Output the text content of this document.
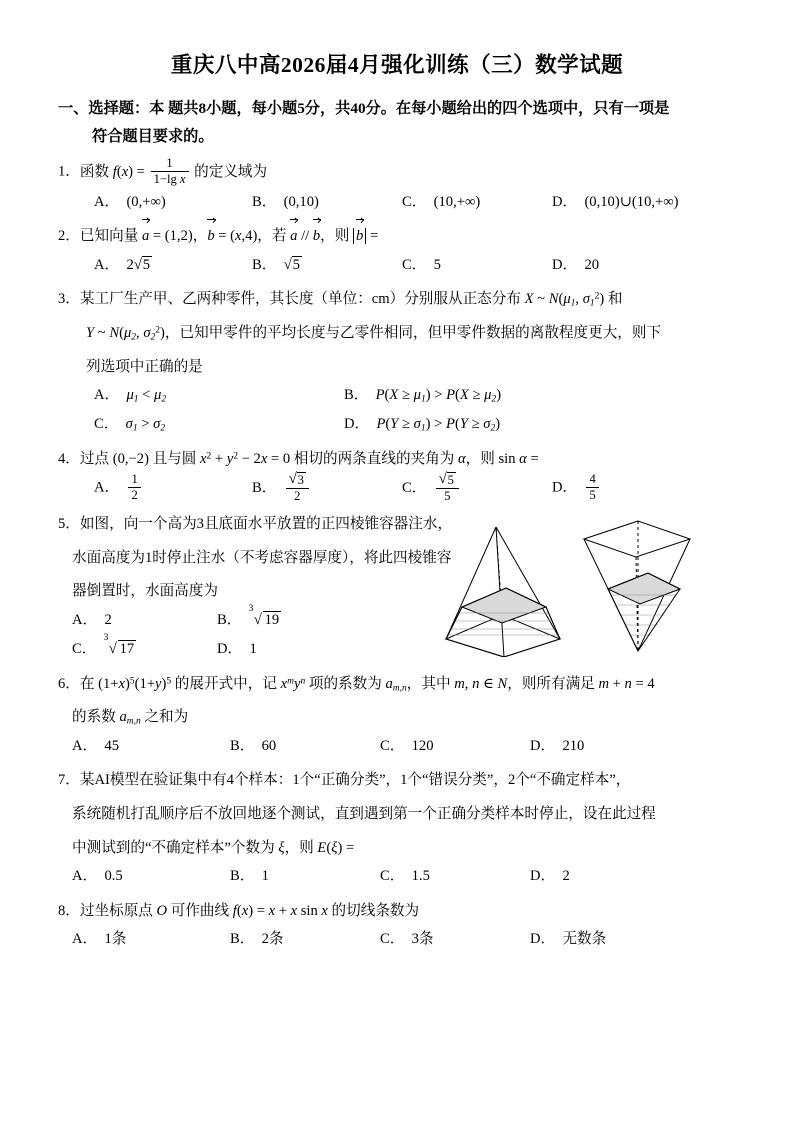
重庆八中高2026届4月强化训练（三）数学试题
一、选择题：本 题共8小题，每小题5分，共40分。在每小题给出的四个选项中，只有一项是
符合题目要求的。
1．函数 $f(x) = \frac{1}{\text{1−lg x}}$ 的定义域为
A． (0,+∞)	B． (0,10)	C． (10,+∞)	D． (0,10)∪(10,+∞)
2．已知向量 a = (1,2)，b = (x,4)，若 a // b，则 b =
A．  2 √ 5	B． √ 5	C． 5	D． 20
3．某工厂生产甲、乙两种零件，其长度（单位：cm）分别服从正态分布 X ~ $N(\mu_1$, $\sigma_1^2$) 和
Y ~ $N(\mu_2$, $\sigma_2^2$)，已知甲零件的平均长度与乙零件相同，但甲零件数据的离散程度更大，则下
列选项中正确的是
A． $\mu_1 < \mu_2$	B． $P(X \ge \mu_1) > P(X \ge \mu_2)$
C． $\sigma_1 > \sigma_2$	D． $P(Y \ge \sigma_1) > P(Y \ge \sigma_2)$
4．过点 (0,−2) 且与圆 $x^2 + y^2 - 2x = 0$ 相切的两条直线的夹角为 α，则 sin α =
A． $\frac{1}{2}$	B． √ $\frac{3}{2}$	C． √ $\frac{5}{5}$	D． $\frac{4}{5}$
5．如图，向一个高为3且底面水平放置的正四棱锥容器注水，
水面高度为1时停止注水（不考虑容器厚度），将此四棱锥容
器倒置时，水面高度为
A．  2	B．
√ 3
19
C．
√ 3
17	D．  1
6．在 $(1+x)^5(1+y)^5$ 的展开式中，记 $x^my^n$ 项的系数为 $a_{m,n}$，其中 m, n ∈ N，则所有满足 m + n = 4
的系数 $a_{m,n}$ 之和为
A． 45	B． 60	C． 120	D． 210
7．某AI模型在验证集中有4个样本：1个“正确分类”，1个“错误分类”，2个“不确定样本”，
系统随机打乱顺序后不放回地逐个测试，直到遇到第一个正确分类样本时停止，设在此过程
中测试到的“不确定样本”个数为 ξ，则 E(ξ) =
A． 0.5	B． 1	C． 1.5	D． 2
8．过坐标原点 O 可作曲线 f(x) = x + x sin x 的切线条数为
A． 1条	B． 2条	C． 3条	D． 无数条
